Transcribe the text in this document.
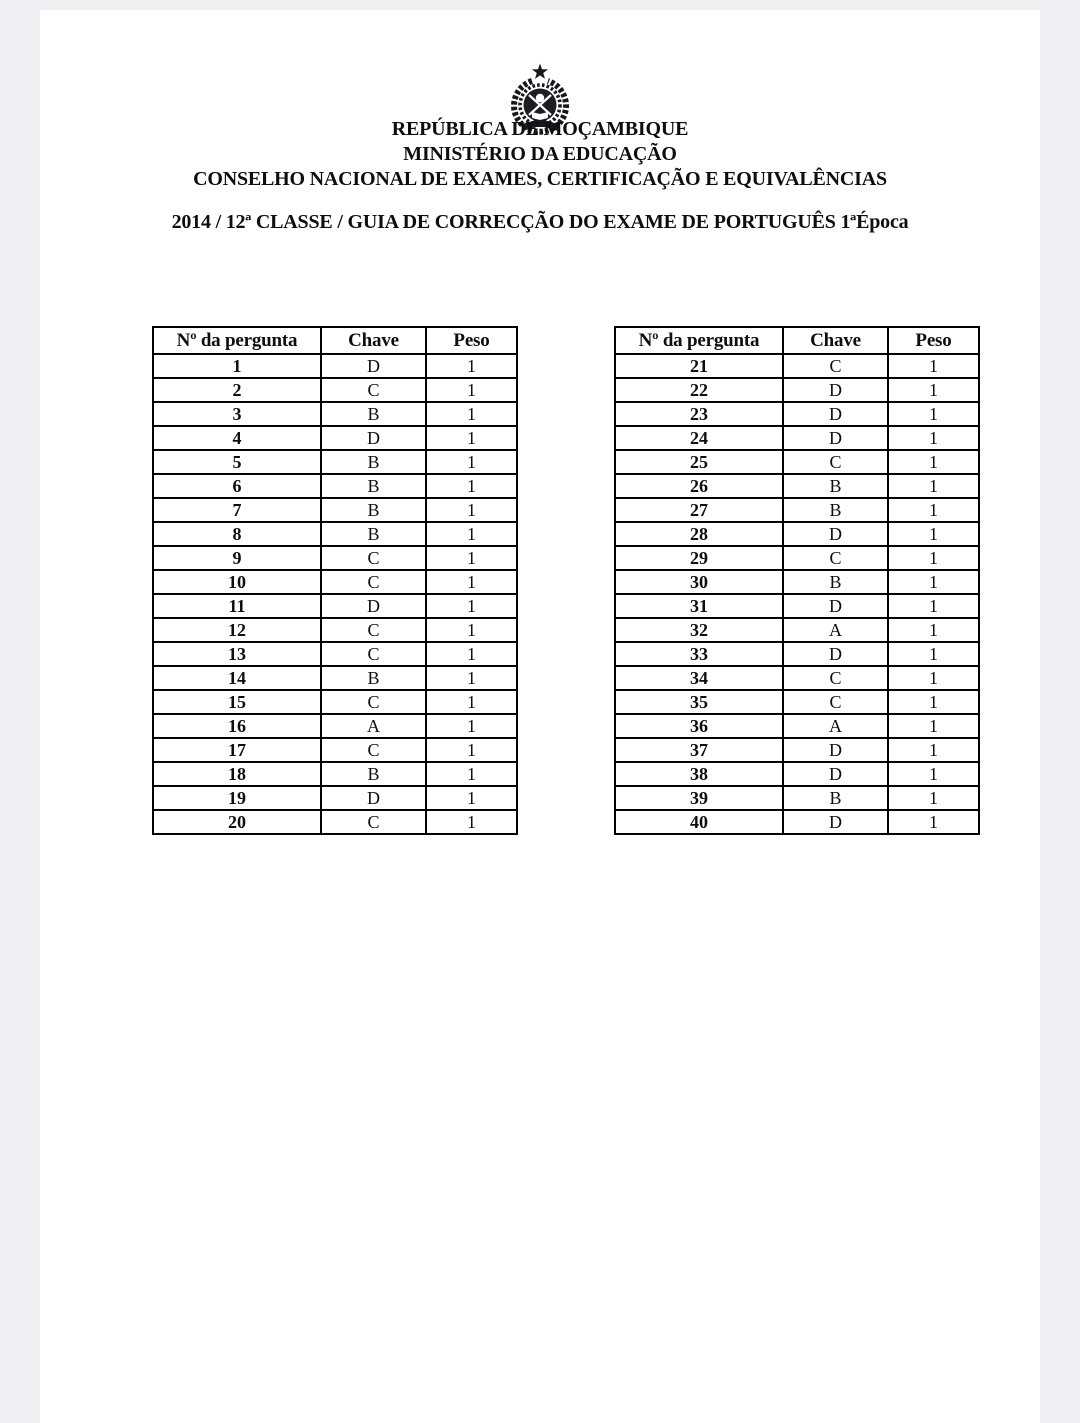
REPÚBLICA DE MOÇAMBIQUE
MINISTÉRIO DA EDUCAÇÃO
CONSELHO NACIONAL DE EXAMES, CERTIFICAÇÃO E EQUIVALÊNCIAS
2014 / 12ª CLASSE / GUIA DE CORRECÇÃO DO EXAME DE PORTUGUÊS 1ªÉpoca
Nº da pergunta	Chave	Peso
1	D	1
2	C	1
3	B	1
4	D	1
5	B	1
6	B	1
7	B	1
8	B	1
9	C	1
10	C	1
11	D	1
12	C	1
13	C	1
14	B	1
15	C	1
16	A	1
17	C	1
18	B	1
19	D	1
20	C	1
Nº da pergunta	Chave	Peso
21	C	1
22	D	1
23	D	1
24	D	1
25	C	1
26	B	1
27	B	1
28	D	1
29	C	1
30	B	1
31	D	1
32	A	1
33	D	1
34	C	1
35	C	1
36	A	1
37	D	1
38	D	1
39	B	1
40	D	1
